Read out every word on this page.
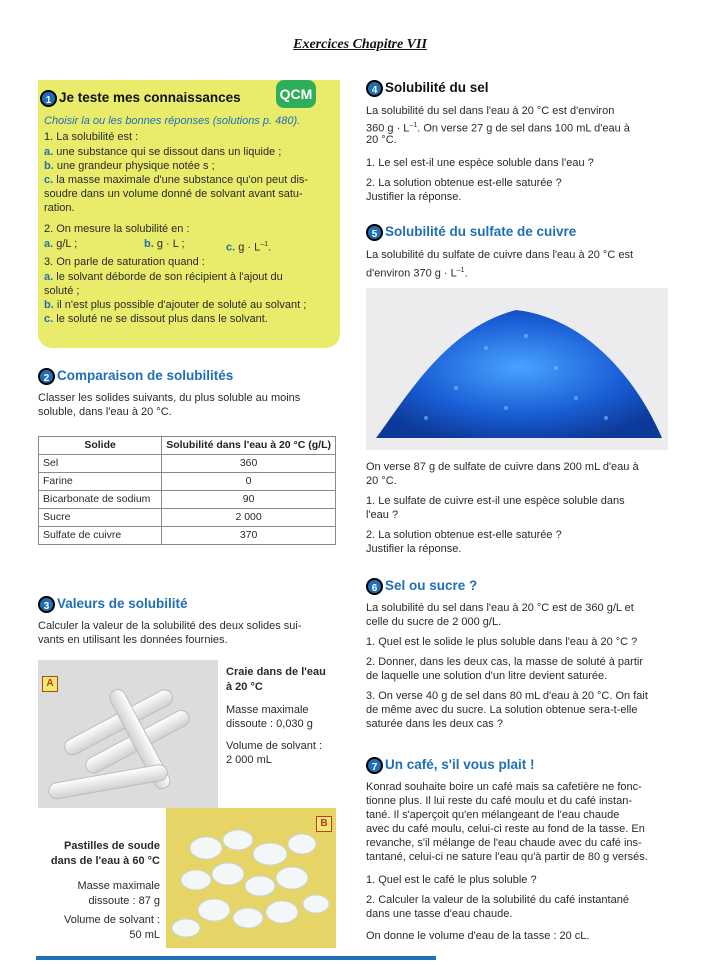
Exercices Chapitre VII
QCM
1 Je teste mes connaissances
Choisir la ou les bonnes réponses (solutions p. 480).
1. La solubilité est :
a. une substance qui se dissout dans un liquide ;
b. une grandeur physique notée s ;
c. la masse maximale d'une substance qu'on peut dis-
soudre dans un volume donné de solvant avant satu-
ration.
2. On mesure la solubilité en :
a. g/L ;	b. g · L ;	c. $g \cdot L^{-1}$.
3. On parle de saturation quand :
a. le solvant déborde de son récipient à l'ajout du
soluté ;
b. il n'est plus possible d'ajouter de soluté au solvant ;
c. le soluté ne se dissout plus dans le solvant.
2 Comparaison de solubilités
Classer les solides suivants, du plus soluble au moins
soluble, dans l'eau à 20 °C.
Solide	Solubilité dans l'eau à 20 °C (g/L)
Sel	360
Farine	0
Bicarbonate de sodium	90
Sucre	2 000
Sulfate de cuivre	370
3 Valeurs de solubilité
Calculer la valeur de la solubilité des deux solides sui-
vants en utilisant les données fournies.
A
Craie dans de l'eau
à 20 °C
Masse maximale
dissoute : 0,030 g
Volume de solvant :
2 000 mL
B
Pastilles de soude
dans de l'eau à 60 °C
Masse maximale
dissoute : 87 g
Volume de solvant :
50 mL
4 Solubilité du sel
La solubilité du sel dans l'eau à 20 °C est d'environ
360 $g \cdot L^{-1}$. On verse 27 g de sel dans 100 mL d'eau à
20 °C.
1. Le sel est-il une espèce soluble dans l'eau ?
2. La solution obtenue est-elle saturée ?
Justifier la réponse.
5 Solubilité du sulfate de cuivre
La solubilité du sulfate de cuivre dans l'eau à 20 °C est
d'environ 370 $g \cdot L^{-1}$.
On verse 87 g de sulfate de cuivre dans 200 mL d'eau à
20 °C.
1. Le sulfate de cuivre est-il une espèce soluble dans
l'eau ?
2. La solution obtenue est-elle saturée ?
Justifier la réponse.
6 Sel ou sucre ?
La solubilité du sel dans l'eau à 20 °C est de 360 g/L et
celle du sucre de 2 000 g/L.
1. Quel est le solide le plus soluble dans l'eau à 20 °C ?
2. Donner, dans les deux cas, la masse de soluté à partir
de laquelle une solution d'un litre devient saturée.
3. On verse 40 g de sel dans 80 mL d'eau à 20 °C. On fait
de même avec du sucre. La solution obtenue sera-t-elle
saturée dans les deux cas ?
7 Un café, s'il vous plait !
Konrad souhaite boire un café mais sa cafetière ne fonc-
tionne plus. Il lui reste du café moulu et du café instan-
tané. Il s'aperçoit qu'en mélangeant de l'eau chaude
avec du café moulu, celui-ci reste au fond de la tasse. En
revanche, s'il mélange de l'eau chaude avec du café ins-
tantané, celui-ci ne sature l'eau qu'à partir de 80 g versés.
1. Quel est le café le plus soluble ?
2. Calculer la valeur de la solubilité du café instantané
dans une tasse d'eau chaude.
On donne le volume d'eau de la tasse : 20 cL.
